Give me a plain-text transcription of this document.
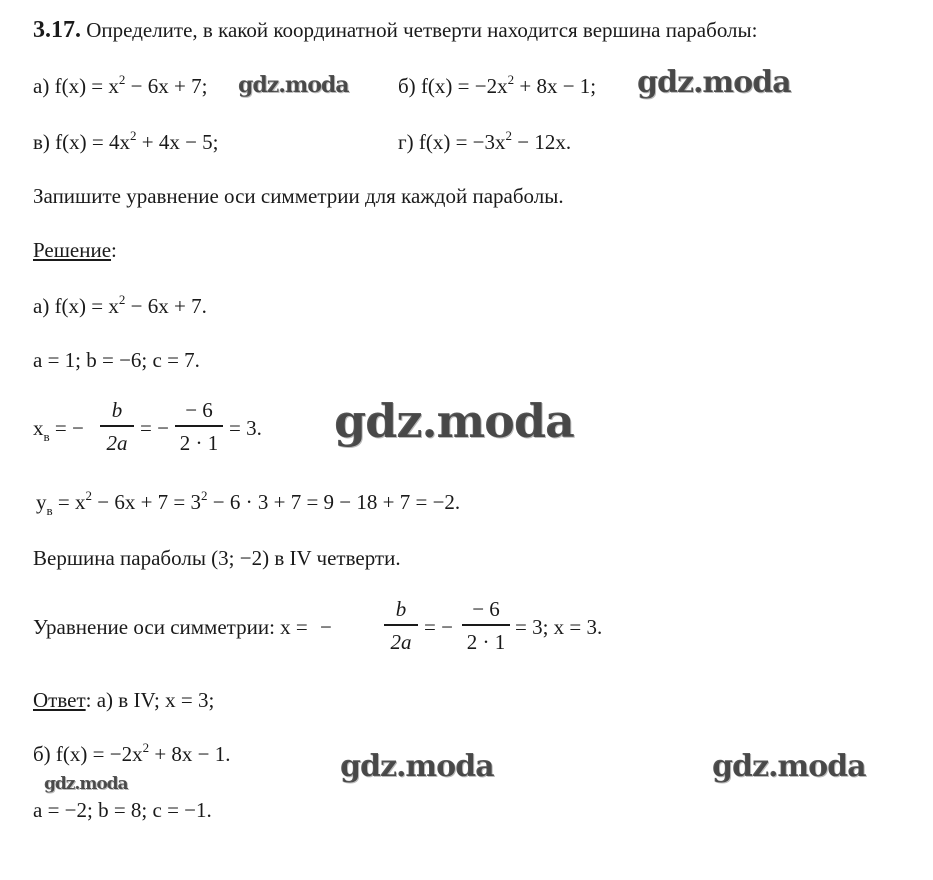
3.17. Определите, в какой координатной четверти находится вершина параболы:
а) $f(x) = x^2 - 6x + 7$;	б) $f(x) = -2x^2 + 8x - 1$;
в) $f(x) = 4x^2 + 4x - 5$;	г) $f(x) = -3x^2 - 12x$.
Запишите уравнение оси симметрии для каждой параболы.
Решение:
а) $f(x) = x^2 - 6x + 7$.
a = 1; b = −6; c = 7.
$x_в$ = −
b
2a
= −
− 6
2 · 1
= 3.
$y_в = x^2 - 6x + 7 = 3^2 - 6 \cdot 3 + 7 = 9 - 18 + 7 = -2$.
Вершина параболы (3; −2) в IV четверти.
Уравнение оси симметрии: x = −
b
2a
= −
− 6
2 · 1
= 3; x = 3.
Ответ: а) в IV; x = 3;
б) $f(x) = -2x^2 + 8x - 1$.
a = −2; b = 8; c = −1.
gdz.moda	gdz.moda
gdz.moda
gdz.moda	gdz.moda
gdz.moda
